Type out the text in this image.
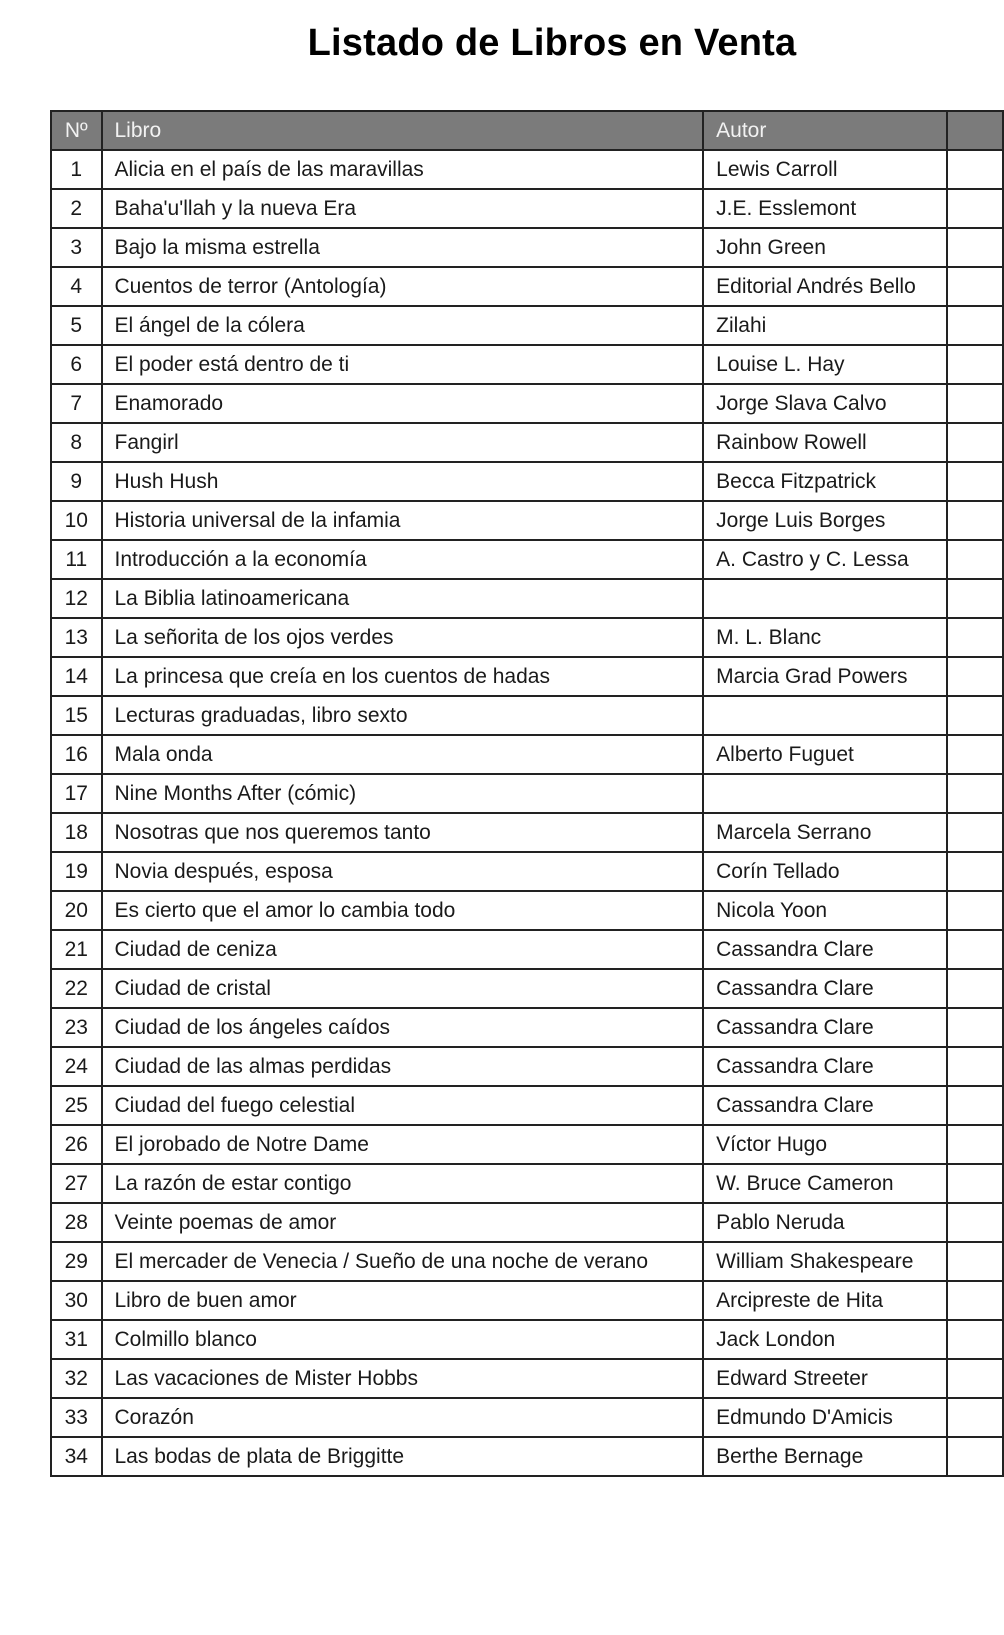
Listado de Libros en Venta
Nº	Libro	Autor	
1	Alicia en el país de las maravillas	Lewis Carroll	
2	Baha'u'llah y la nueva Era	J.E. Esslemont	
3	Bajo la misma estrella	John Green	
4	Cuentos de terror (Antología)	Editorial Andrés Bello	
5	El ángel de la cólera	Zilahi	
6	El poder está dentro de ti	Louise L. Hay	
7	Enamorado	Jorge Slava Calvo	
8	Fangirl	Rainbow Rowell	
9	Hush Hush	Becca Fitzpatrick	
10	Historia universal de la infamia	Jorge Luis Borges	
11	Introducción a la economía	A. Castro y C. Lessa	
12	La Biblia latinoamericana		
13	La señorita de los ojos verdes	M. L. Blanc	
14	La princesa que creía en los cuentos de hadas	Marcia Grad Powers	
15	Lecturas graduadas, libro sexto		
16	Mala onda	Alberto Fuguet	
17	Nine Months After (cómic)		
18	Nosotras que nos queremos tanto	Marcela Serrano	
19	Novia después, esposa	Corín Tellado	
20	Es cierto que el amor lo cambia todo	Nicola Yoon	
21	Ciudad de ceniza	Cassandra Clare	
22	Ciudad de cristal	Cassandra Clare	
23	Ciudad de los ángeles caídos	Cassandra Clare	
24	Ciudad de las almas perdidas	Cassandra Clare	
25	Ciudad del fuego celestial	Cassandra Clare	
26	El jorobado de Notre Dame	Víctor Hugo	
27	La razón de estar contigo	W. Bruce Cameron	
28	Veinte poemas de amor	Pablo Neruda	
29	El mercader de Venecia / Sueño de una noche de verano	William Shakespeare	
30	Libro de buen amor	Arcipreste de Hita	
31	Colmillo blanco	Jack London	
32	Las vacaciones de Mister Hobbs	Edward Streeter	
33	Corazón	Edmundo D'Amicis	
34	Las bodas de plata de Briggitte	Berthe Bernage	
